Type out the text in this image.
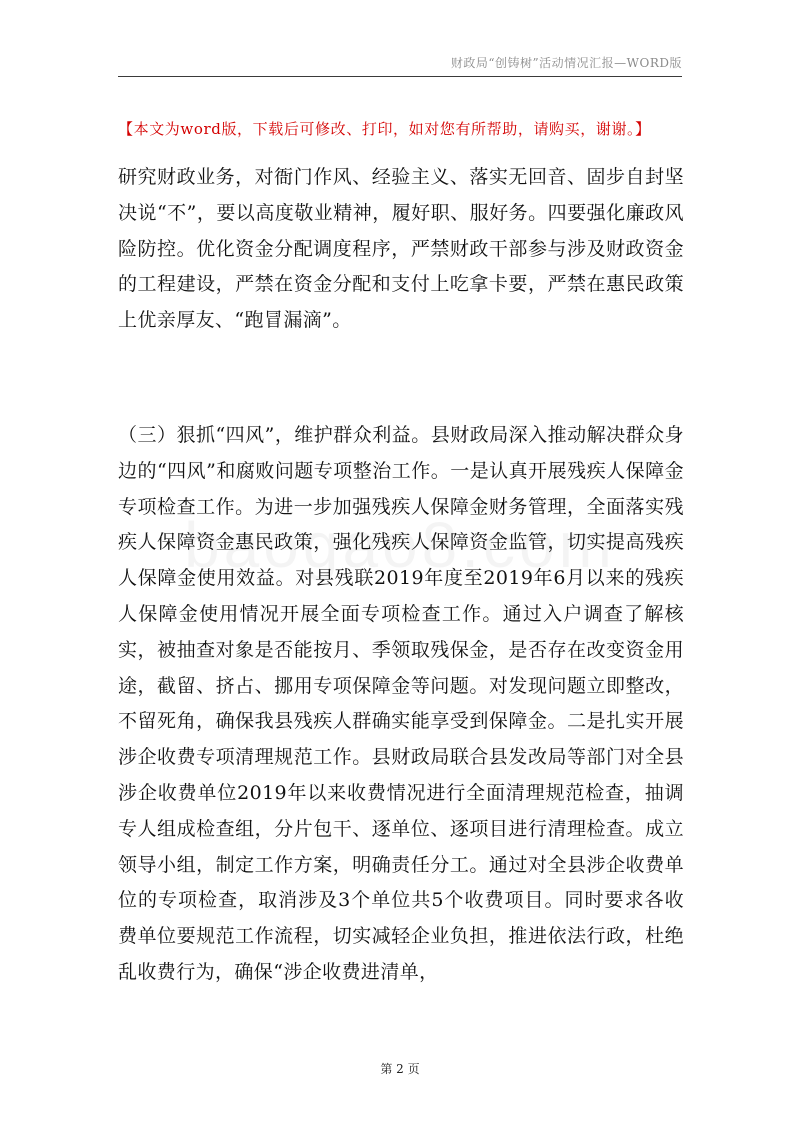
财政局“创铸树”活动情况汇报—WORD版
【本文为word版，下载后可修改、打印，如对您有所帮助，请购买，谢谢。】
研究财政业务，对衙门作风、经验主义、落实无回音、固步自封坚决说“不”，要以高度敬业精神，履好职、服好务。四要强化廉政风险防控。优化资金分配调度程序，严禁财政干部参与涉及财政资金的工程建设，严禁在资金分配和支付上吃拿卡要，严禁在惠民政策上优亲厚友、“跑冒漏滴”。
（三）狠抓“四风”，维护群众利益。县财政局深入推动解决群众身边的“四风”和腐败问题专项整治工作。一是认真开展残疾人保障金专项检查工作。为进一步加强残疾人保障金财务管理，全面落实残疾人保障资金惠民政策，强化残疾人保障资金监管，切实提高残疾人保障金使用效益。对县残联2019年度至2019年6月以来的残疾人保障金使用情况开展全面专项检查工作。通过入户调查了解核实，被抽查对象是否能按月、季领取残保金，是否存在改变资金用途，截留、挤占、挪用专项保障金等问题。对发现问题立即整改，不留死角，确保我县残疾人群确实能享受到保障金。二是扎实开展涉企收费专项清理规范工作。县财政局联合县发改局等部门对全县涉企收费单位2019年以来收费情况进行全面清理规范检查，抽调专人组成检查组，分片包干、逐单位、逐项目进行清理检查。成立领导小组，制定工作方案，明确责任分工。通过对全县涉企收费单位的专项检查，取消涉及3个单位共5个收费项目。同时要求各收费单位要规范工作流程，切实减轻企业负担，推进依法行政，杜绝乱收费行为，确保“涉企收费进清单，
第 2 页
